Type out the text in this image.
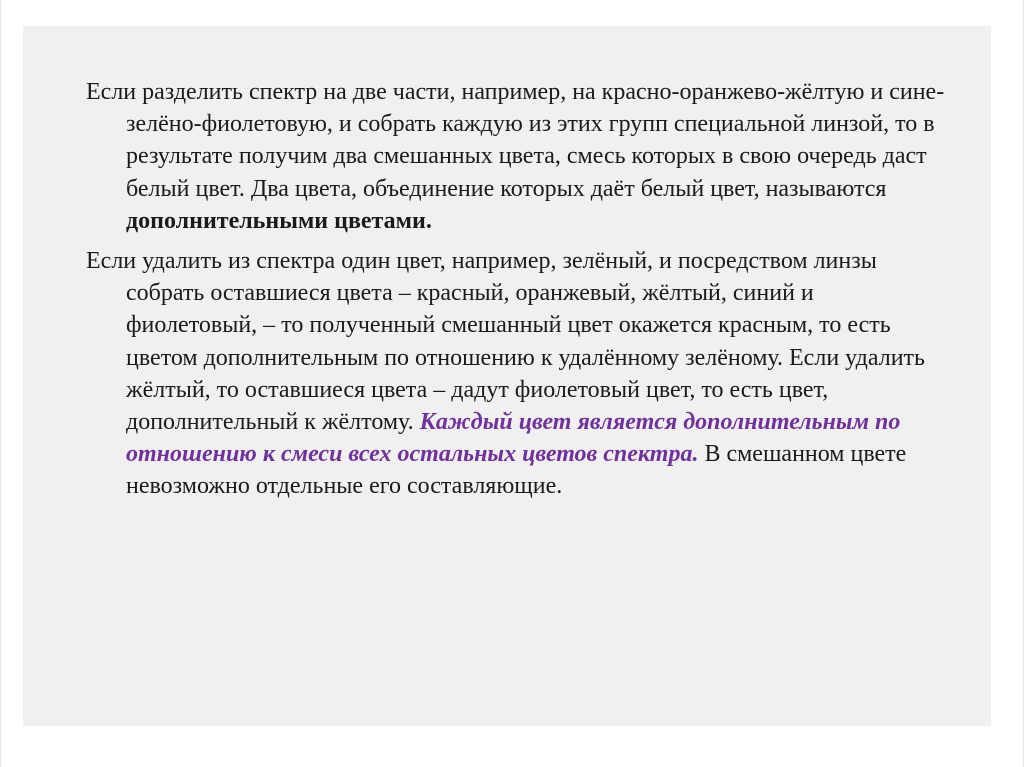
Если разделить спектр на две части, например, на красно-оранжево-жёлтую и сине-зелёно-фиолетовую, и собрать каждую из этих групп специальной линзой, то в результате получим два смешанных цвета, смесь которых в свою очередь даст белый цвет. Два цвета, объединение которых даёт белый цвет, называются дополнительными цветами.

Если удалить из спектра один цвет, например, зелёный, и посредством линзы собрать оставшиеся цвета – красный, оранжевый, жёлтый, синий и фиолетовый, – то полученный смешанный цвет окажется красным, то есть цветом дополнительным по отношению к удалённому зелёному. Если удалить жёлтый, то оставшиеся цвета – дадут фиолетовый цвет, то есть цвет, дополнительный к жёлтому. Каждый цвет является дополнительным по отношению к смеси всех остальных цветов спектра. В смешанном цвете невозможно отдельные его составляющие.
